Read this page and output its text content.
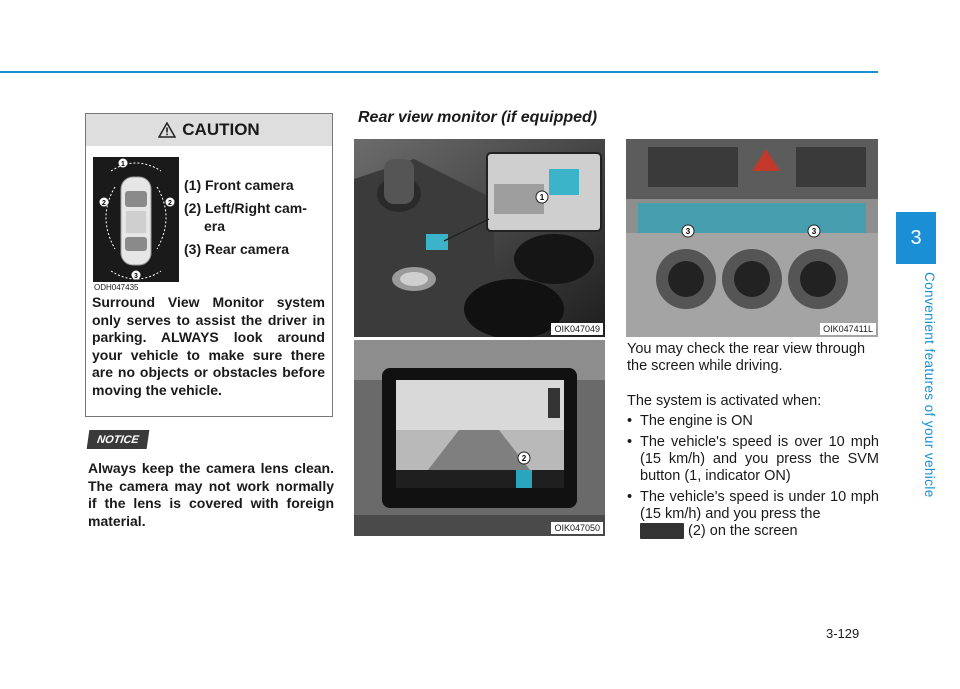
3
Convenient features of your vehicle
CAUTION
1
2	2
3
ODH047435
(1) Front camera
(2) Left/Right cam-
era
(3) Rear camera
Surround View Monitor system only serves to assist the driver in parking. ALWAYS look around your vehicle to make sure there are no objects or obstacles before moving the vehicle.
NOTICE
Always keep the camera lens clean. The camera may not work normally if the lens is covered with foreign material.
Rear view monitor (if equipped)
1
OIK047049
2
OIK047050
3	3
OIK047411L
You may check the rear view through the screen while driving.
The system is activated when:
• The engine is ON
• The vehicle's speed is over 10 mph (15 km/h) and you press the SVM button (1, indicator ON)
• The vehicle's speed is under 10 mph (15 km/h) and you press the
(2) on the screen
3-129
